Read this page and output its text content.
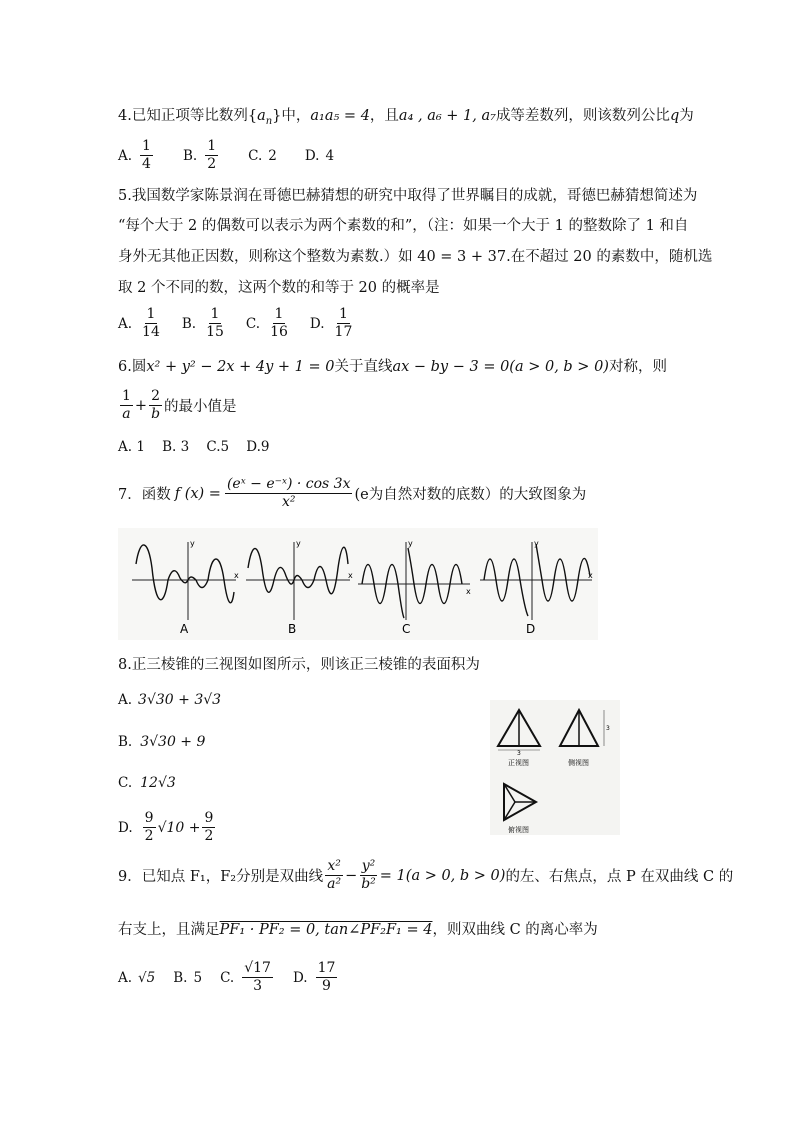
4.已知正项等比数列$\{a_n\}$中，a₁a₅ = 4，且a₄ , a₆ + 1, a₇成等差数列，则该数列公比q为
A. $\frac{1}{4} B$. $\frac{1}{2} C$. 2 D. 4
5.我国数学家陈景润在哥德巴赫猜想的研究中取得了世界瞩目的成就，哥德巴赫猜想简述为
“每个大于 2 的偶数可以表示为两个素数的和”，（注：如果一个大于 1 的整数除了 1 和自
身外无其他正因数，则称这个整数为素数.）如 40 = 3 + 37.在不超过 20 的素数中，随机选
取 2 个不同的数，这两个数的和等于 20 的概率是
A. $\frac{1}{14} B$. $\frac{1}{15} C$. $\frac{1}{16} D$. $\frac{1}{17}$
6.圆x² + y² − 2x + 4y + 1 = 0关于直线ax − by − 3 = 0(a > 0, b > 0)对称，则
$\frac{1}{a} + \frac{2}{b}$ 的最小值是
A. 1    B. 3    C.5    D.9
7．函数 f $(x) = \frac{\text{(eˣ − e⁻ˣ) · cos 3x}}{\text{x²}} (e$为自然对数的底数）的大致图象为
x
y
A
x
y
B
x
y
C
x
y
D
8.正三棱锥的三视图如图所示，则该正三棱锥的表面积为
A. 3√30 + 3√3
B. 3√30 + 9
C. 12√3
D. $\frac{9}{2} √10 + \frac{9}{2}$
3
正视图
3
侧视图
俯视图
9．已知点 F₁，F₂分别是双曲线 $\frac{\text{x²}}{\text{a²}} - \frac{\text{y²}}{\text{b²}} = 1(a > 0$, b > 0) 的左、右焦点，点 P 在双曲线 C 的
右支上，且满足PF₁ · PF₂ = 0, tan∠PF₂F₁ = 4，则双曲线 C 的离心率为
A. √5 B. 5 C. $\frac{√17}{3} D$. $\frac{17}{9}$
